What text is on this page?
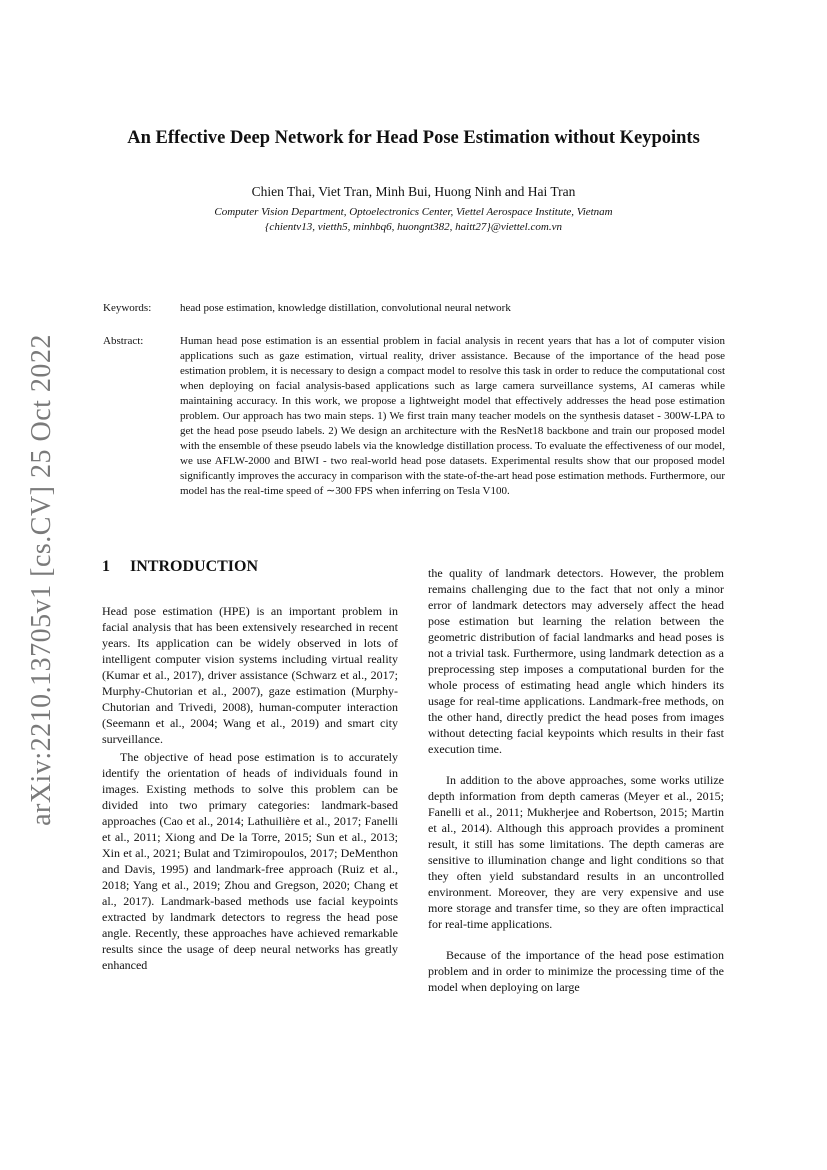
arXiv:2210.13705v1 [cs.CV] 25 Oct 2022
An Effective Deep Network for Head Pose Estimation without Keypoints
Chien Thai, Viet Tran, Minh Bui, Huong Ninh and Hai Tran
Computer Vision Department, Optoelectronics Center, Viettel Aerospace Institute, Vietnam
{chientv13, vietth5, minhbq6, huongnt382, haitt27}@viettel.com.vn
Keywords:	head pose estimation, knowledge distillation, convolutional neural network
Abstract:	Human head pose estimation is an essential problem in facial analysis in recent years that has a lot of computer vision applications such as gaze estimation, virtual reality, driver assistance. Because of the importance of the head pose estimation problem, it is necessary to design a compact model to resolve this task in order to reduce the computational cost when deploying on facial analysis-based applications such as large camera surveillance systems, AI cameras while maintaining accuracy. In this work, we propose a lightweight model that effectively addresses the head pose estimation problem. Our approach has two main steps. 1) We first train many teacher models on the synthesis dataset - 300W-LPA to get the head pose pseudo labels. 2) We design an architecture with the ResNet18 backbone and train our proposed model with the ensemble of these pseudo labels via the knowledge distillation process. To evaluate the effectiveness of our model, we use AFLW-2000 and BIWI - two real-world head pose datasets. Experimental results show that our proposed model significantly improves the accuracy in comparison with the state-of-the-art head pose estimation methods. Furthermore, our model has the real-time speed of ∼300 FPS when inferring on Tesla V100.
1 INTRODUCTION

Head pose estimation (HPE) is an important problem in facial analysis that has been extensively researched in recent years. Its application can be widely observed in lots of intelligent computer vision systems including virtual reality (Kumar et al., 2017), driver assistance (Schwarz et al., 2017; Murphy-Chutorian et al., 2007), gaze estimation (Murphy-Chutorian and Trivedi, 2008), human-computer interaction (Seemann et al., 2004; Wang et al., 2019) and smart city surveillance.

The objective of head pose estimation is to accurately identify the orientation of heads of individuals found in images. Existing methods to solve this problem can be divided into two primary categories: landmark-based approaches (Cao et al., 2014; Lathuilière et al., 2017; Fanelli et al., 2011; Xiong and De la Torre, 2015; Sun et al., 2013; Xin et al., 2021; Bulat and Tzimiropoulos, 2017; DeMenthon and Davis, 1995) and landmark-free approach (Ruiz et al., 2018; Yang et al., 2019; Zhou and Gregson, 2020; Chang et al., 2017). Landmark-based methods use facial keypoints extracted by landmark detectors to regress the head pose angle. Recently, these approaches have achieved remarkable results since the usage of deep neural networks has greatly enhanced

the quality of landmark detectors. However, the problem remains challenging due to the fact that not only a minor error of landmark detectors may adversely affect the head pose estimation but learning the relation between the geometric distribution of facial landmarks and head poses is not a trivial task. Furthermore, using landmark detection as a preprocessing step imposes a computational burden for the whole process of estimating head angle which hinders its usage for real-time applications. Landmark-free methods, on the other hand, directly predict the head poses from images without detecting facial keypoints which results in their fast execution time.

In addition to the above approaches, some works utilize depth information from depth cameras (Meyer et al., 2015; Fanelli et al., 2011; Mukherjee and Robertson, 2015; Martin et al., 2014). Although this approach provides a prominent result, it still has some limitations. The depth cameras are sensitive to illumination change and light conditions so that they often yield substandard results in an uncontrolled environment. Moreover, they are very expensive and use more storage and transfer time, so they are often impractical for real-time applications.

Because of the importance of the head pose estimation problem and in order to minimize the processing time of the model when deploying on large
